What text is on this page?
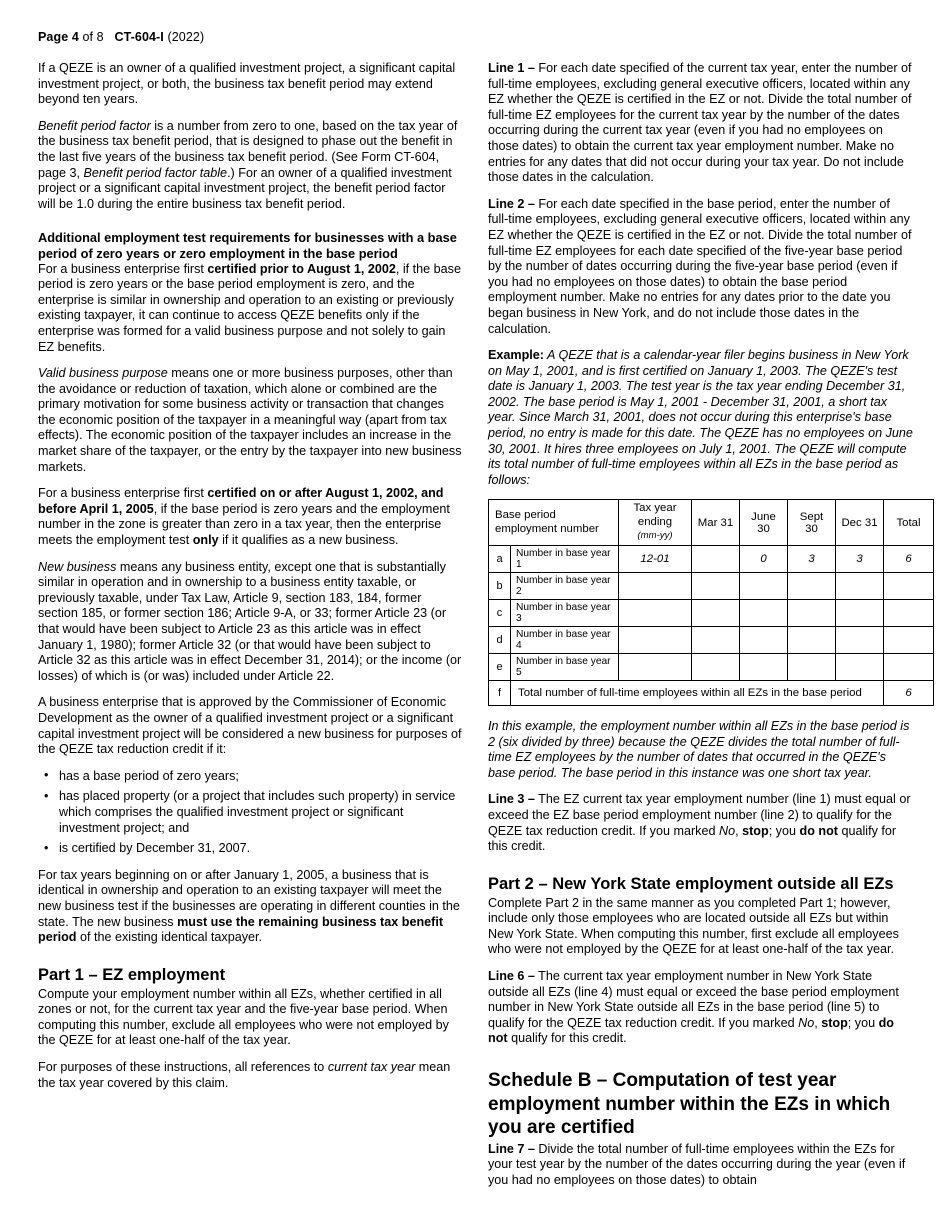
Page 4 of 8 CT-604-I (2022)

If a QEZE is an owner of a qualified investment project, a significant capital investment project, or both, the business tax benefit period may extend beyond ten years.

Benefit period factor is a number from zero to one, based on the tax year of the business tax benefit period, that is designed to phase out the benefit in the last five years of the business tax benefit period. (See Form CT-604, page 3, Benefit period factor table.) For an owner of a qualified investment project or a significant capital investment project, the benefit period factor will be 1.0 during the entire business tax benefit period.

Additional employment test requirements for businesses with a base period of zero years or zero employment in the base period

For a business enterprise first certified prior to August 1, 2002, if the base period is zero years or the base period employment is zero, and the enterprise is similar in ownership and operation to an existing or previously existing taxpayer, it can continue to access QEZE benefits only if the enterprise was formed for a valid business purpose and not solely to gain EZ benefits.

Valid business purpose means one or more business purposes, other than the avoidance or reduction of taxation, which alone or combined are the primary motivation for some business activity or transaction that changes the economic position of the taxpayer in a meaningful way (apart from tax effects). The economic position of the taxpayer includes an increase in the market share of the taxpayer, or the entry by the taxpayer into new business markets.

For a business enterprise first certified on or after August 1, 2002, and before April 1, 2005, if the base period is zero years and the employment number in the zone is greater than zero in a tax year, then the enterprise meets the employment test only if it qualifies as a new business.

New business means any business entity, except one that is substantially similar in operation and in ownership to a business entity taxable, or previously taxable, under Tax Law, Article 9, section 183, 184, former section 185, or former section 186; Article 9-A, or 33; former Article 23 (or that would have been subject to Article 23 as this article was in effect January 1, 1980); former Article 32 (or that would have been subject to Article 32 as this article was in effect December 31, 2014); or the income (or losses) of which is (or was) included under Article 22.

A business enterprise that is approved by the Commissioner of Economic Development as the owner of a qualified investment project or a significant capital investment project will be considered a new business for purposes of the QEZE tax reduction credit if it:

• has a base period of zero years;
• has placed property (or a project that includes such property) in service which comprises the qualified investment project or significant investment project; and
• is certified by December 31, 2007.

For tax years beginning on or after January 1, 2005, a business that is identical in ownership and operation to an existing taxpayer will meet the new business test if the businesses are operating in different counties in the state. The new business must use the remaining business tax benefit period of the existing identical taxpayer.

Part 1 – EZ employment

Compute your employment number within all EZs, whether certified in all zones or not, for the current tax year and the five-year base period. When computing this number, exclude all employees who were not employed by the QEZE for at least one-half of the tax year.

For purposes of these instructions, all references to current tax year mean the tax year covered by this claim.

Line 1 – For each date specified of the current tax year, enter the number of full-time employees, excluding general executive officers, located within any EZ whether the QEZE is certified in the EZ or not. Divide the total number of full-time EZ employees for the current tax year by the number of the dates occurring during the current tax year (even if you had no employees on those dates) to obtain the current tax year employment number. Make no entries for any dates that did not occur during your tax year. Do not include those dates in the calculation.

Line 2 – For each date specified in the base period, enter the number of full-time employees, excluding general executive officers, located within any EZ whether the QEZE is certified in the EZ or not. Divide the total number of full-time EZ employees for each date specified of the five-year base period by the number of dates occurring during the five-year base period (even if you had no employees on those dates) to obtain the base period employment number. Make no entries for any dates prior to the date you began business in New York, and do not include those dates in the calculation.

Example: A QEZE that is a calendar-year filer begins business in New York on May 1, 2001, and is first certified on January 1, 2003. The QEZE's test date is January 1, 2003. The test year is the tax year ending December 31, 2002. The base period is May 1, 2001 - December 31, 2001, a short tax year. Since March 31, 2001, does not occur during this enterprise's base period, no entry is made for this date. The QEZE has no employees on June 30, 2001. It hires three employees on July 1, 2001. The QEZE will compute its total number of full-time employees within all EZs in the base period as follows:

Base period
employment number		Tax year ending
(mm-yy)	Mar 31	June 30	Sept 30	Dec 31	Total
a	Number in base year 1	12-01		0	3	3	6
b	Number in base year 2						
c	Number in base year 3						
d	Number in base year 4						
e	Number in base year 5						
f	Total number of full-time employees within all EZs in the base period						6

In this example, the employment number within all EZs in the base period is 2 (six divided by three) because the QEZE divides the total number of full-time EZ employees by the number of dates that occurred in the QEZE's base period. The base period in this instance was one short tax year.

Line 3 – The EZ current tax year employment number (line 1) must equal or exceed the EZ base period employment number (line 2) to qualify for the QEZE tax reduction credit. If you marked No, stop; you do not qualify for this credit.

Part 2 – New York State employment outside all EZs

Complete Part 2 in the same manner as you completed Part 1; however, include only those employees who are located outside all EZs but within New York State. When computing this number, first exclude all employees who were not employed by the QEZE for at least one-half of the tax year.

Line 6 – The current tax year employment number in New York State outside all EZs (line 4) must equal or exceed the base period employment number in New York State outside all EZs in the base period (line 5) to qualify for the QEZE tax reduction credit. If you marked No, stop; you do not qualify for this credit.

Schedule B – Computation of test year employment number within the EZs in which you are certified

Line 7 – Divide the total number of full-time employees within the EZs for your test year by the number of the dates occurring during the year (even if you had no employees on those dates) to obtain
